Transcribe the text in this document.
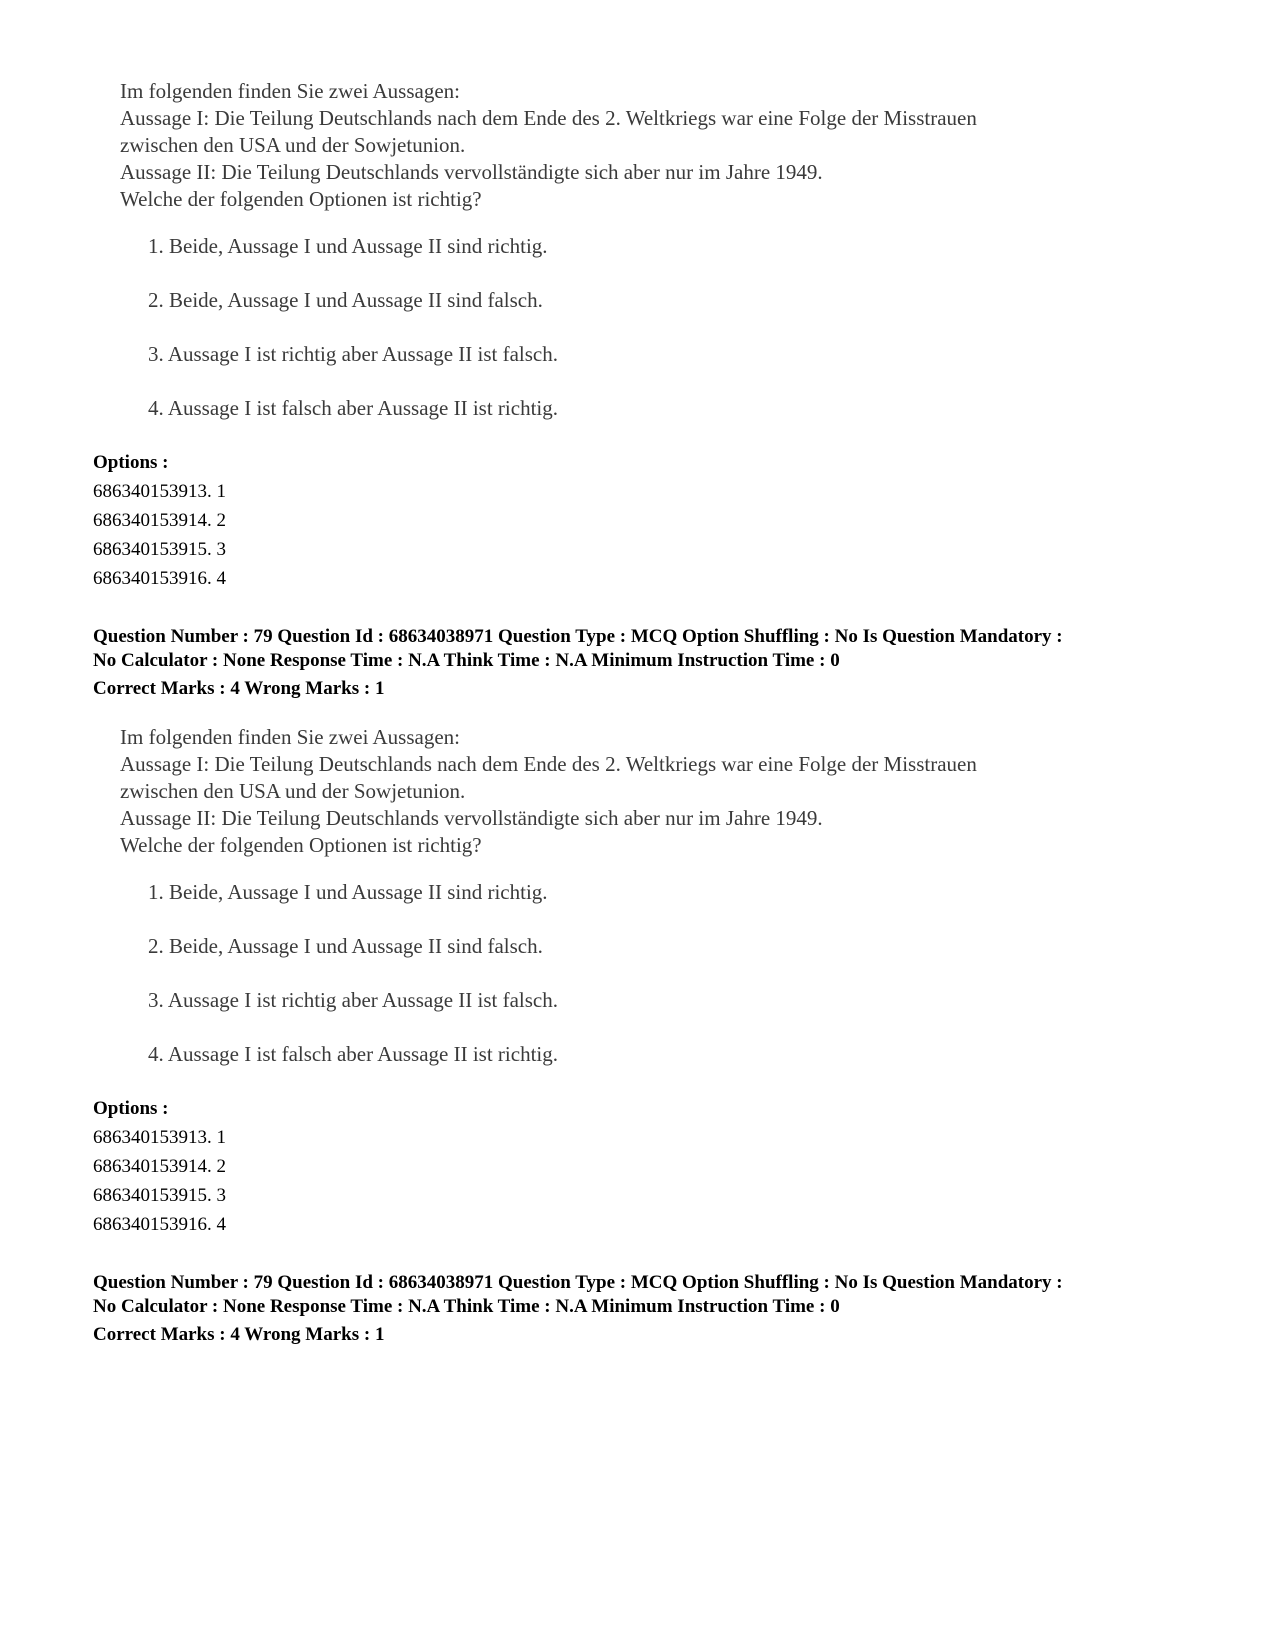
Im folgenden finden Sie zwei Aussagen:
Aussage I: Die Teilung Deutschlands nach dem Ende des 2. Weltkriegs war eine Folge der Misstrauen
zwischen den USA und der Sowjetunion.
Aussage II: Die Teilung Deutschlands vervollständigte sich aber nur im Jahre 1949.
Welche der folgenden Optionen ist richtig?
1. Beide, Aussage I und Aussage II sind richtig.
2. Beide, Aussage I und Aussage II sind falsch.
3. Aussage I ist richtig aber Aussage II ist falsch.
4. Aussage I ist falsch aber Aussage II ist richtig.
Options :
686340153913. 1
686340153914. 2
686340153915. 3
686340153916. 4
Question Number : 79 Question Id : 68634038971 Question Type : MCQ Option Shuffling : No Is Question Mandatory :
No Calculator : None Response Time : N.A Think Time : N.A Minimum Instruction Time : 0
Correct Marks : 4 Wrong Marks : 1
Im folgenden finden Sie zwei Aussagen:
Aussage I: Die Teilung Deutschlands nach dem Ende des 2. Weltkriegs war eine Folge der Misstrauen
zwischen den USA und der Sowjetunion.
Aussage II: Die Teilung Deutschlands vervollständigte sich aber nur im Jahre 1949.
Welche der folgenden Optionen ist richtig?
1. Beide, Aussage I und Aussage II sind richtig.
2. Beide, Aussage I und Aussage II sind falsch.
3. Aussage I ist richtig aber Aussage II ist falsch.
4. Aussage I ist falsch aber Aussage II ist richtig.
Options :
686340153913. 1
686340153914. 2
686340153915. 3
686340153916. 4
Question Number : 79 Question Id : 68634038971 Question Type : MCQ Option Shuffling : No Is Question Mandatory :
No Calculator : None Response Time : N.A Think Time : N.A Minimum Instruction Time : 0
Correct Marks : 4 Wrong Marks : 1
